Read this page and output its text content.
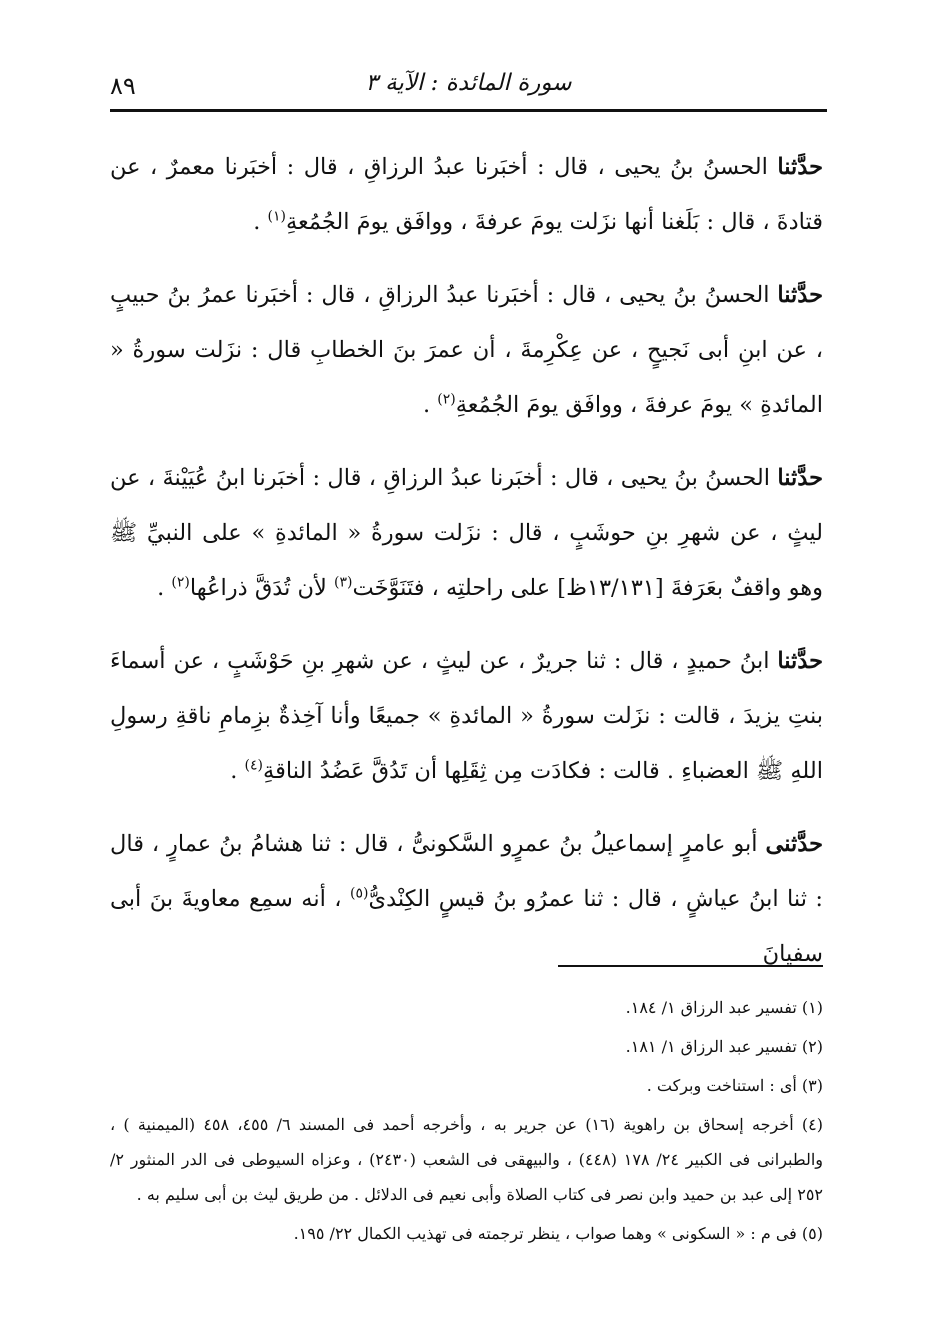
٨٩	سورة المائدة : الآية ٣

حدَّثنا الحسنُ بنُ يحيى ، قال : أخبَرنا عبدُ الرزاقِ ، قال : أخبَرنا معمرٌ ، عن قتادةَ ، قال : بَلَغنا أنها نزَلت يومَ عرفةَ ، ووافَق يومَ الجُمُعةِ$^{(١)}$ .

حدَّثنا الحسنُ بنُ يحيى ، قال : أخبَرنا عبدُ الرزاقِ ، قال : أخبَرنا عمرُ بنُ حبيبٍ ، عن ابنِ أبى نَجيحٍ ، عن عِكْرِمةَ ، أن عمرَ بنَ الخطابِ قال : نزَلت سورةُ « المائدةِ » يومَ عرفةَ ، ووافَق يومَ الجُمُعةِ$^{(٢)}$ .

حدَّثنا الحسنُ بنُ يحيى ، قال : أخبَرنا عبدُ الرزاقِ ، قال : أخبَرنا ابنُ عُيَيْنةَ ، عن ليثٍ ، عن شهرِ بنِ حوشَبٍ ، قال : نزَلت سورةُ « المائدةِ » على النبيِّ ﷺ وهو واقفٌ بعَرَفةَ [١٣/١٣١ظ] على راحلتِه ، فتَنَوَّخَت$^{(٣)}$ لأن تُدَقَّ ذراعُها$^{(٢)}$ .

حدَّثنا ابنُ حميدٍ ، قال : ثنا جريرٌ ، عن ليثٍ ، عن شهرِ بنِ حَوْشَبٍ ، عن أسماءَ بنتِ يزيدَ ، قالت : نزَلت سورةُ « المائدةِ » جميعًا وأنا آخِذةٌ بزِمامِ ناقةِ رسولِ اللهِ ﷺ العضباءِ . قالت : فكادَت مِن ثِقَلِها أن تَدُقَّ عَضُدُ الناقةِ$^{(٤)}$ .

حدَّثنى أبو عامرٍ إسماعيلُ بنُ عمرٍو السَّكونىُّ ، قال : ثنا هشامُ بنُ عمارٍ ، قال : ثنا ابنُ عياشٍ ، قال : ثنا عمرُو بنُ قيسٍ الكِنْدىُّ$^{(٥)}$ ، أنه سمِع معاويةَ بنَ أبى سفيانَ

(١) تفسير عبد الرزاق ١/ ١٨٤.

(٢) تفسير عبد الرزاق ١/ ١٨١.

(٣) أى : استناخت وبركت .

(٤) أخرجه إسحاق بن راهوية (١٦) عن جرير به ، وأخرجه أحمد فى المسند ٦/ ٤٥٥، ٤٥٨ (الميمنية ) ، والطبرانى فى الكبير ٢٤/ ١٧٨ (٤٤٨) ، والبيهقى فى الشعب (٢٤٣٠) ، وعزاه السيوطى فى الدر المنثور ٢/ ٢٥٢ إلى عبد بن حميد وابن نصر فى كتاب الصلاة وأبى نعيم فى الدلائل . من طريق ليث بن أبى سليم به .

(٥) فى م : « السكونى » وهما صواب ، ينظر ترجمته فى تهذيب الكمال ٢٢/ ١٩٥.
